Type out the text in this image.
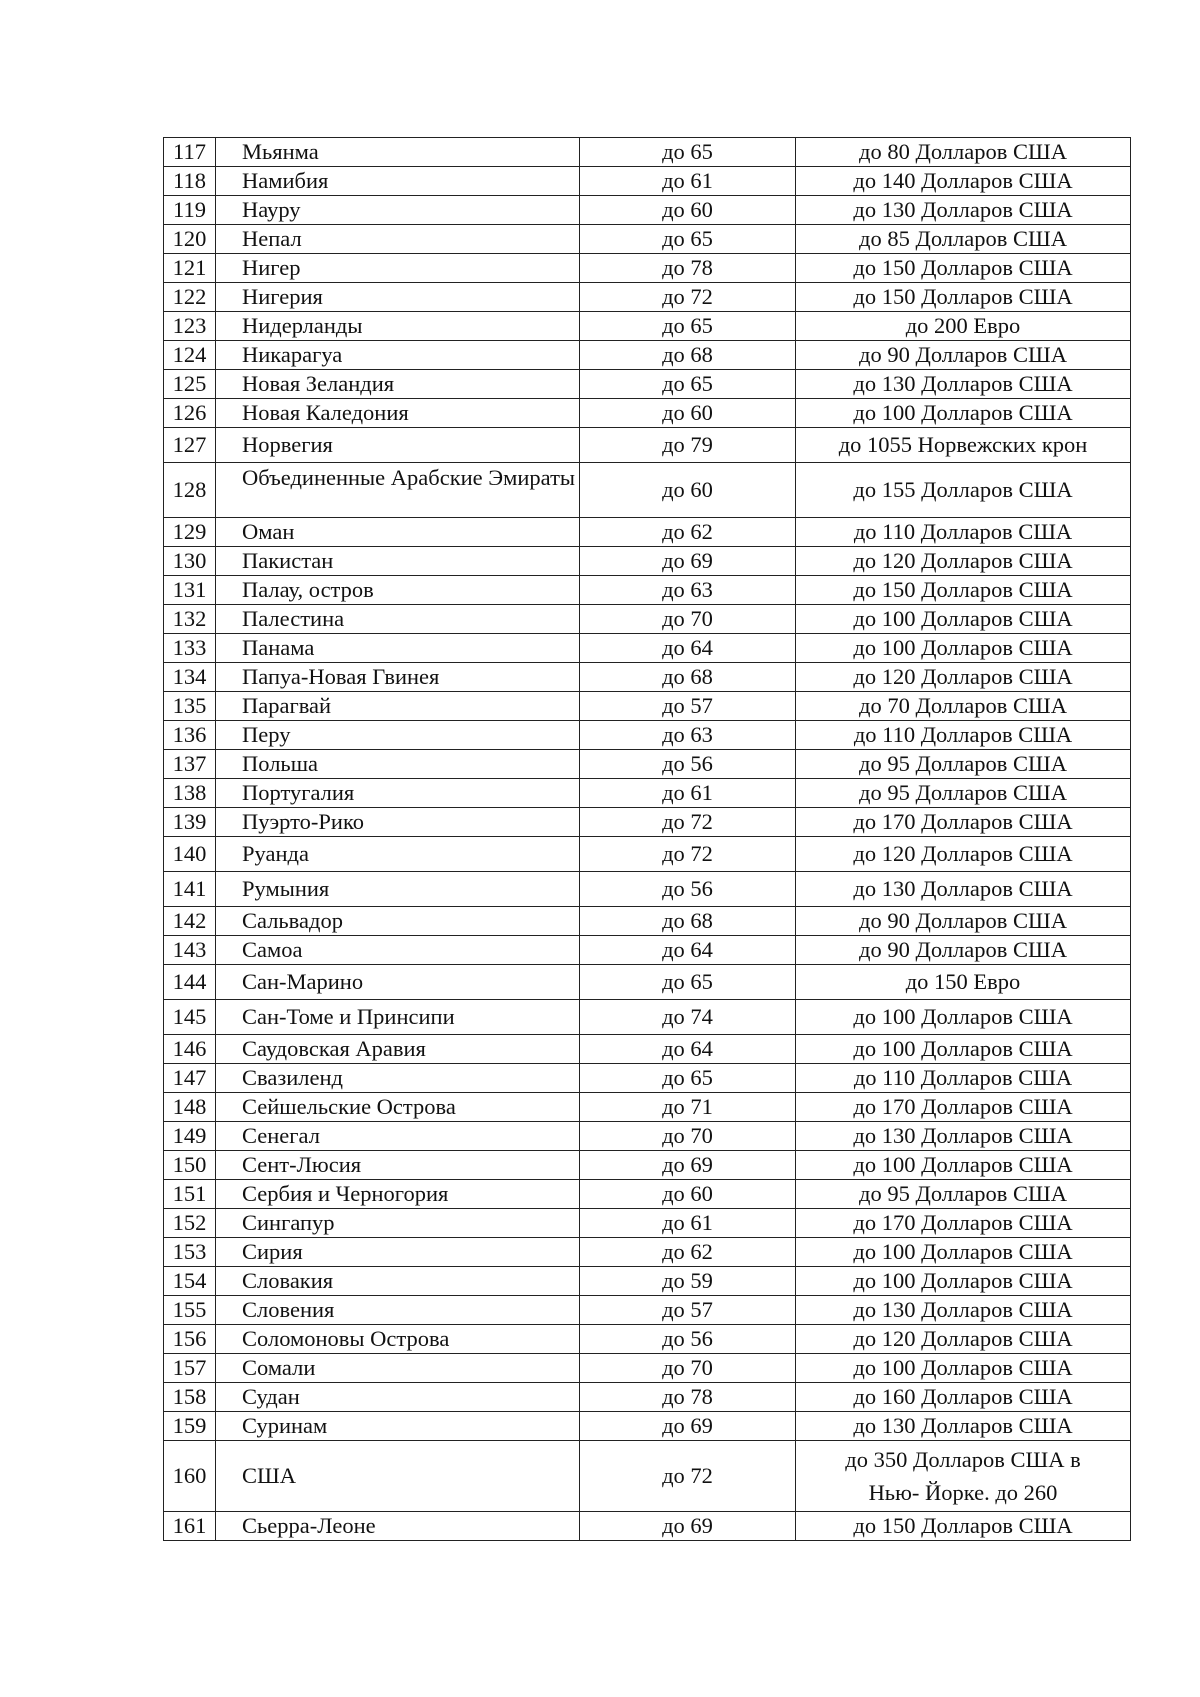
117	Мьянма	до 65	до 80 Долларов США
118	Намибия	до 61	до 140 Долларов США
119	Науру	до 60	до 130 Долларов США
120	Непал	до 65	до 85 Долларов США
121	Нигер	до 78	до 150 Долларов США
122	Нигерия	до 72	до 150 Долларов США
123	Нидерланды	до 65	до 200 Евро
124	Никарагуа	до 68	до 90 Долларов США
125	Новая Зеландия	до 65	до 130 Долларов США
126	Новая Каледония	до 60	до 100 Долларов США
127	Норвегия	до 79	до 1055 Норвежских крон
128	Объединенные Арабские Эмираты	до 60	до 155 Долларов США
129	Оман	до 62	до 110 Долларов США
130	Пакистан	до 69	до 120 Долларов США
131	Палау, остров	до 63	до 150 Долларов США
132	Палестина	до 70	до 100 Долларов США
133	Панама	до 64	до 100 Долларов США
134	Папуа-Новая Гвинея	до 68	до 120 Долларов США
135	Парагвай	до 57	до 70 Долларов США
136	Перу	до 63	до 110 Долларов США
137	Польша	до 56	до 95 Долларов США
138	Португалия	до 61	до 95 Долларов США
139	Пуэрто-Рико	до 72	до 170 Долларов США
140	Руанда	до 72	до 120 Долларов США
141	Румыния	до 56	до 130 Долларов США
142	Сальвадор	до 68	до 90 Долларов США
143	Самоа	до 64	до 90 Долларов США
144	Сан-Марино	до 65	до 150 Евро
145	Сан-Томе и Принсипи	до 74	до 100 Долларов США
146	Саудовская Аравия	до 64	до 100 Долларов США
147	Свазиленд	до 65	до 110 Долларов США
148	Сейшельские Острова	до 71	до 170 Долларов США
149	Сенегал	до 70	до 130 Долларов США
150	Сент-Люсия	до 69	до 100 Долларов США
151	Сербия и Черногория	до 60	до 95 Долларов США
152	Сингапур	до 61	до 170 Долларов США
153	Сирия	до 62	до 100 Долларов США
154	Словакия	до 59	до 100 Долларов США
155	Словения	до 57	до 130 Долларов США
156	Соломоновы Острова	до 56	до 120 Долларов США
157	Сомали	до 70	до 100 Долларов США
158	Судан	до 78	до 160 Долларов США
159	Суринам	до 69	до 130 Долларов США
160	США	до 72	до 350 Долларов США в Нью- Йорке. до 260
161	Сьерра-Леоне	до 69	до 150 Долларов США
